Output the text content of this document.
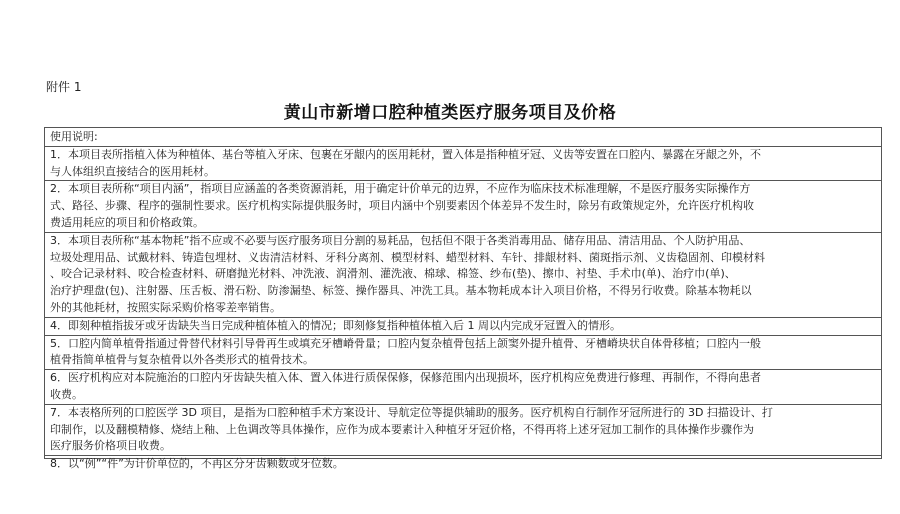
附件 1
黄山市新增口腔种植类医疗服务项目及价格
使用说明:
1．本项目表所指植入体为种植体、基台等植入牙床、包裹在牙龈内的医用耗材，置入体是指种植牙冠、义齿等安置在口腔内、暴露在牙龈之外，不
与人体组织直接结合的医用耗材。
2．本项目表所称“项目内涵”，指项目应涵盖的各类资源消耗，用于确定计价单元的边界，不应作为临床技术标准理解，不是医疗服务实际操作方
式、路径、步骤、程序的强制性要求。医疗机构实际提供服务时，项目内涵中个别要素因个体差异不发生时，除另有政策规定外，允许医疗机构收
费适用耗应的项目和价格政策。
3．本项目表所称“基本物耗”指不应或不必要与医疗服务项目分割的易耗品，包括但不限于各类消毒用品、储存用品、清洁用品、个人防护用品、
垃圾处理用品、试戴材料、铸造包埋材、义齿清洁材料、牙科分离剂、模型材料、蜡型材料、车针、排龈材料、菌斑指示剂、义齿稳固剂、印模材料
、咬合记录材料、咬合检查材料、研磨抛光材料、冲洗液、润滑剂、灌洗液、棉球、棉签、纱布(垫)、擦巾、衬垫、手术巾(单)、治疗巾(单)、
治疗护理盘(包)、注射器、压舌板、滑石粉、防渗漏垫、标签、操作器具、冲洗工具。基本物耗成本计入项目价格，不得另行收费。除基本物耗以
外的其他耗材，按照实际采购价格零差率销售。
4．即刻种植指拔牙或牙齿缺失当日完成种植体植入的情况；即刻修复指种植体植入后 1 周以内完成牙冠置入的情形。
5．口腔内简单植骨指通过骨替代材料引导骨再生或填充牙槽嵴骨量；口腔内复杂植骨包括上颌窦外提升植骨、牙槽嵴块状自体骨移植；口腔内一般
植骨指简单植骨与复杂植骨以外各类形式的植骨技术。
6．医疗机构应对本院施治的口腔内牙齿缺失植入体、置入体进行质保保修，保修范围内出现损坏，医疗机构应免费进行修理、再制作，不得向患者
收费。
7．本表格所列的口腔医学 3D 项目，是指为口腔种植手术方案设计、导航定位等提供辅助的服务。医疗机构自行制作牙冠所进行的 3D 扫描设计、打
印制作，以及翻模精修、烧结上釉、上色调改等具体操作，应作为成本要素计入种植牙牙冠价格，不得再将上述牙冠加工制作的具体操作步骤作为
医疗服务价格项目收费。
8．以“例”“件”为计价单位的，不再区分牙齿颗数或牙位数。
